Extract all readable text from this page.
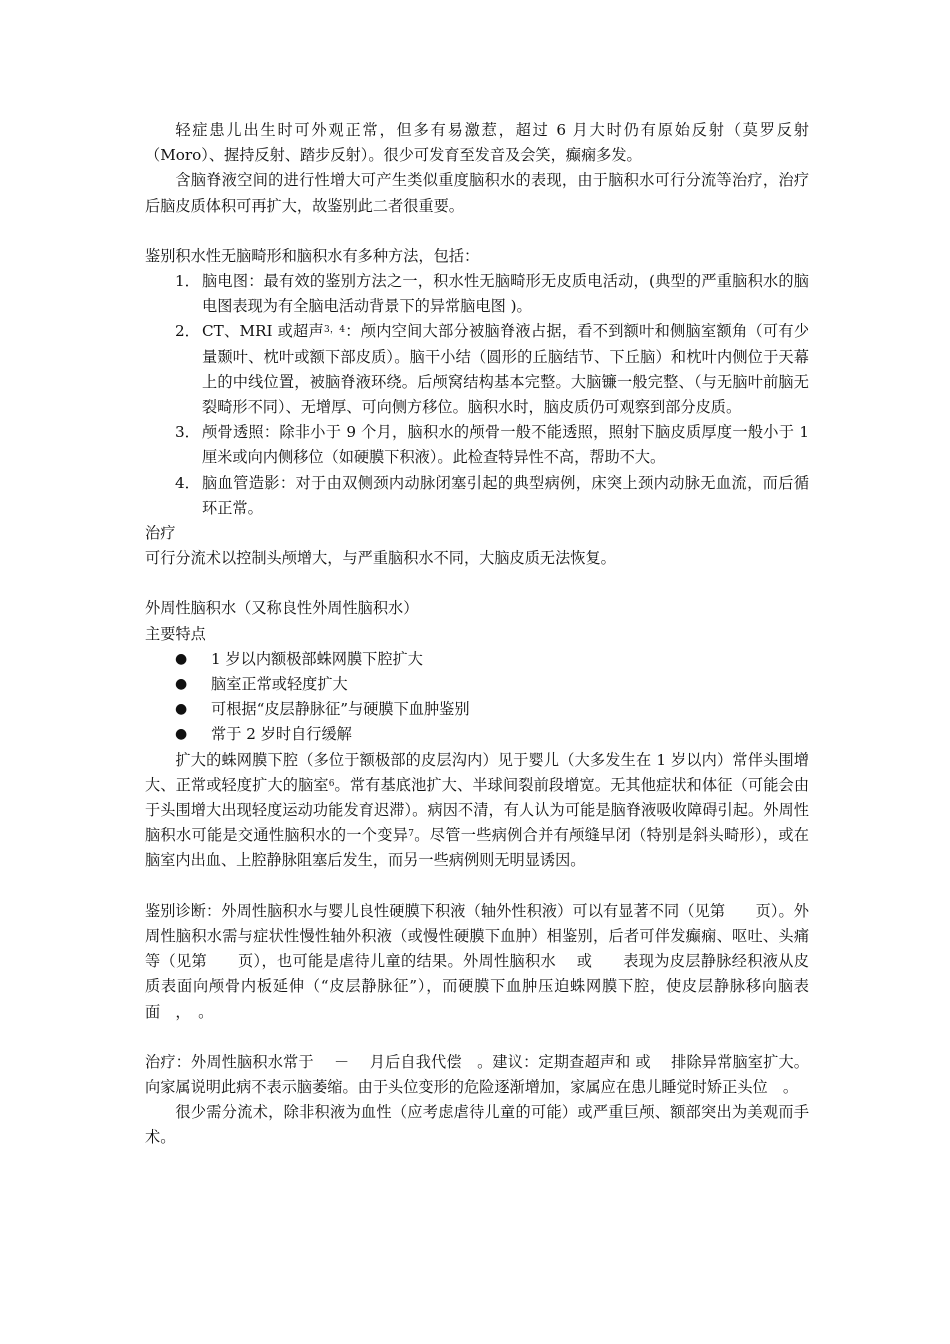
轻症患儿出生时可外观正常，但多有易激惹，超过 6 月大时仍有原始反射（莫罗反射（Moro）、握持反射、踏步反射）。很少可发育至发音及会笑，癫痫多发。

含脑脊液空间的进行性增大可产生类似重度脑积水的表现，由于脑积水可行分流等治疗，治疗后脑皮质体积可再扩大，故鉴别此二者很重要。

鉴别积水性无脑畸形和脑积水有多种方法，包括：

1． 脑电图：最有效的鉴别方法之一，积水性无脑畸形无皮质电活动，(典型的严重脑积水的脑电图表现为有全脑电活动背景下的异常脑电图 )。
2． CT、MRI 或超声$^{3,4}$：颅内空间大部分被脑脊液占据，看不到额叶和侧脑室额角（可有少量颞叶、枕叶或额下部皮质）。脑干小结（圆形的丘脑结节、下丘脑）和枕叶内侧位于天幕上的中线位置，被脑脊液环绕。后颅窝结构基本完整。大脑镰一般完整、（与无脑叶前脑无裂畸形不同）、无增厚、可向侧方移位。脑积水时，脑皮质仍可观察到部分皮质。
3． 颅骨透照：除非小于 9 个月，脑积水的颅骨一般不能透照，照射下脑皮质厚度一般小于 1 厘米或向内侧移位（如硬膜下积液）。此检查特异性不高，帮助不大。
4． 脑血管造影：对于由双侧颈内动脉闭塞引起的典型病例，床突上颈内动脉无血流，而后循环正常。

治疗

可行分流术以控制头颅增大，与严重脑积水不同，大脑皮质无法恢复。

外周性脑积水（又称良性外周性脑积水）

主要特点

●	1 岁以内额极部蛛网膜下腔扩大
●	脑室正常或轻度扩大
●	可根据“皮层静脉征”与硬膜下血肿鉴别
●	常于 2 岁时自行缓解

扩大的蛛网膜下腔（多位于额极部的皮层沟内）见于婴儿（大多发生在 1 岁以内）常伴头围增大、正常或轻度扩大的脑室$^6$。常有基底池扩大、半球间裂前段增宽。无其他症状和体征（可能会由于头围增大出现轻度运动功能发育迟滞）。病因不清，有人认为可能是脑脊液吸收障碍引起。外周性脑积水可能是交通性脑积水的一个变异$^7$。尽管一些病例合并有颅缝早闭（特别是斜头畸形），或在脑室内出血、上腔静脉阻塞后发生，而另一些病例则无明显诱因。

鉴别诊断：外周性脑积水与婴儿良性硬膜下积液（轴外性积液）可以有显著不同（见第　　页）。外周性脑积水需与症状性慢性轴外积液（或慢性硬膜下血肿）相鉴别，后者可伴发癫痫、呕吐、头痛等（见第　　页），也可能是虐待儿童的结果。外周性脑积水　 或　　表现为皮层静脉经积液从皮质表面向颅骨内板延伸（“皮层静脉征”），而硬膜下血肿压迫蛛网膜下腔，使皮层静脉移向脑表面　，　。

治疗：外周性脑积水常于　 －　 月后自我代偿　。建议：定期查超声和 或　 排除异常脑室扩大。向家属说明此病不表示脑萎缩。由于头位变形的危险逐渐增加，家属应在患儿睡觉时矫正头位　。

很少需分流术，除非积液为血性（应考虑虐待儿童的可能）或严重巨颅、额部突出为美观而手术。
